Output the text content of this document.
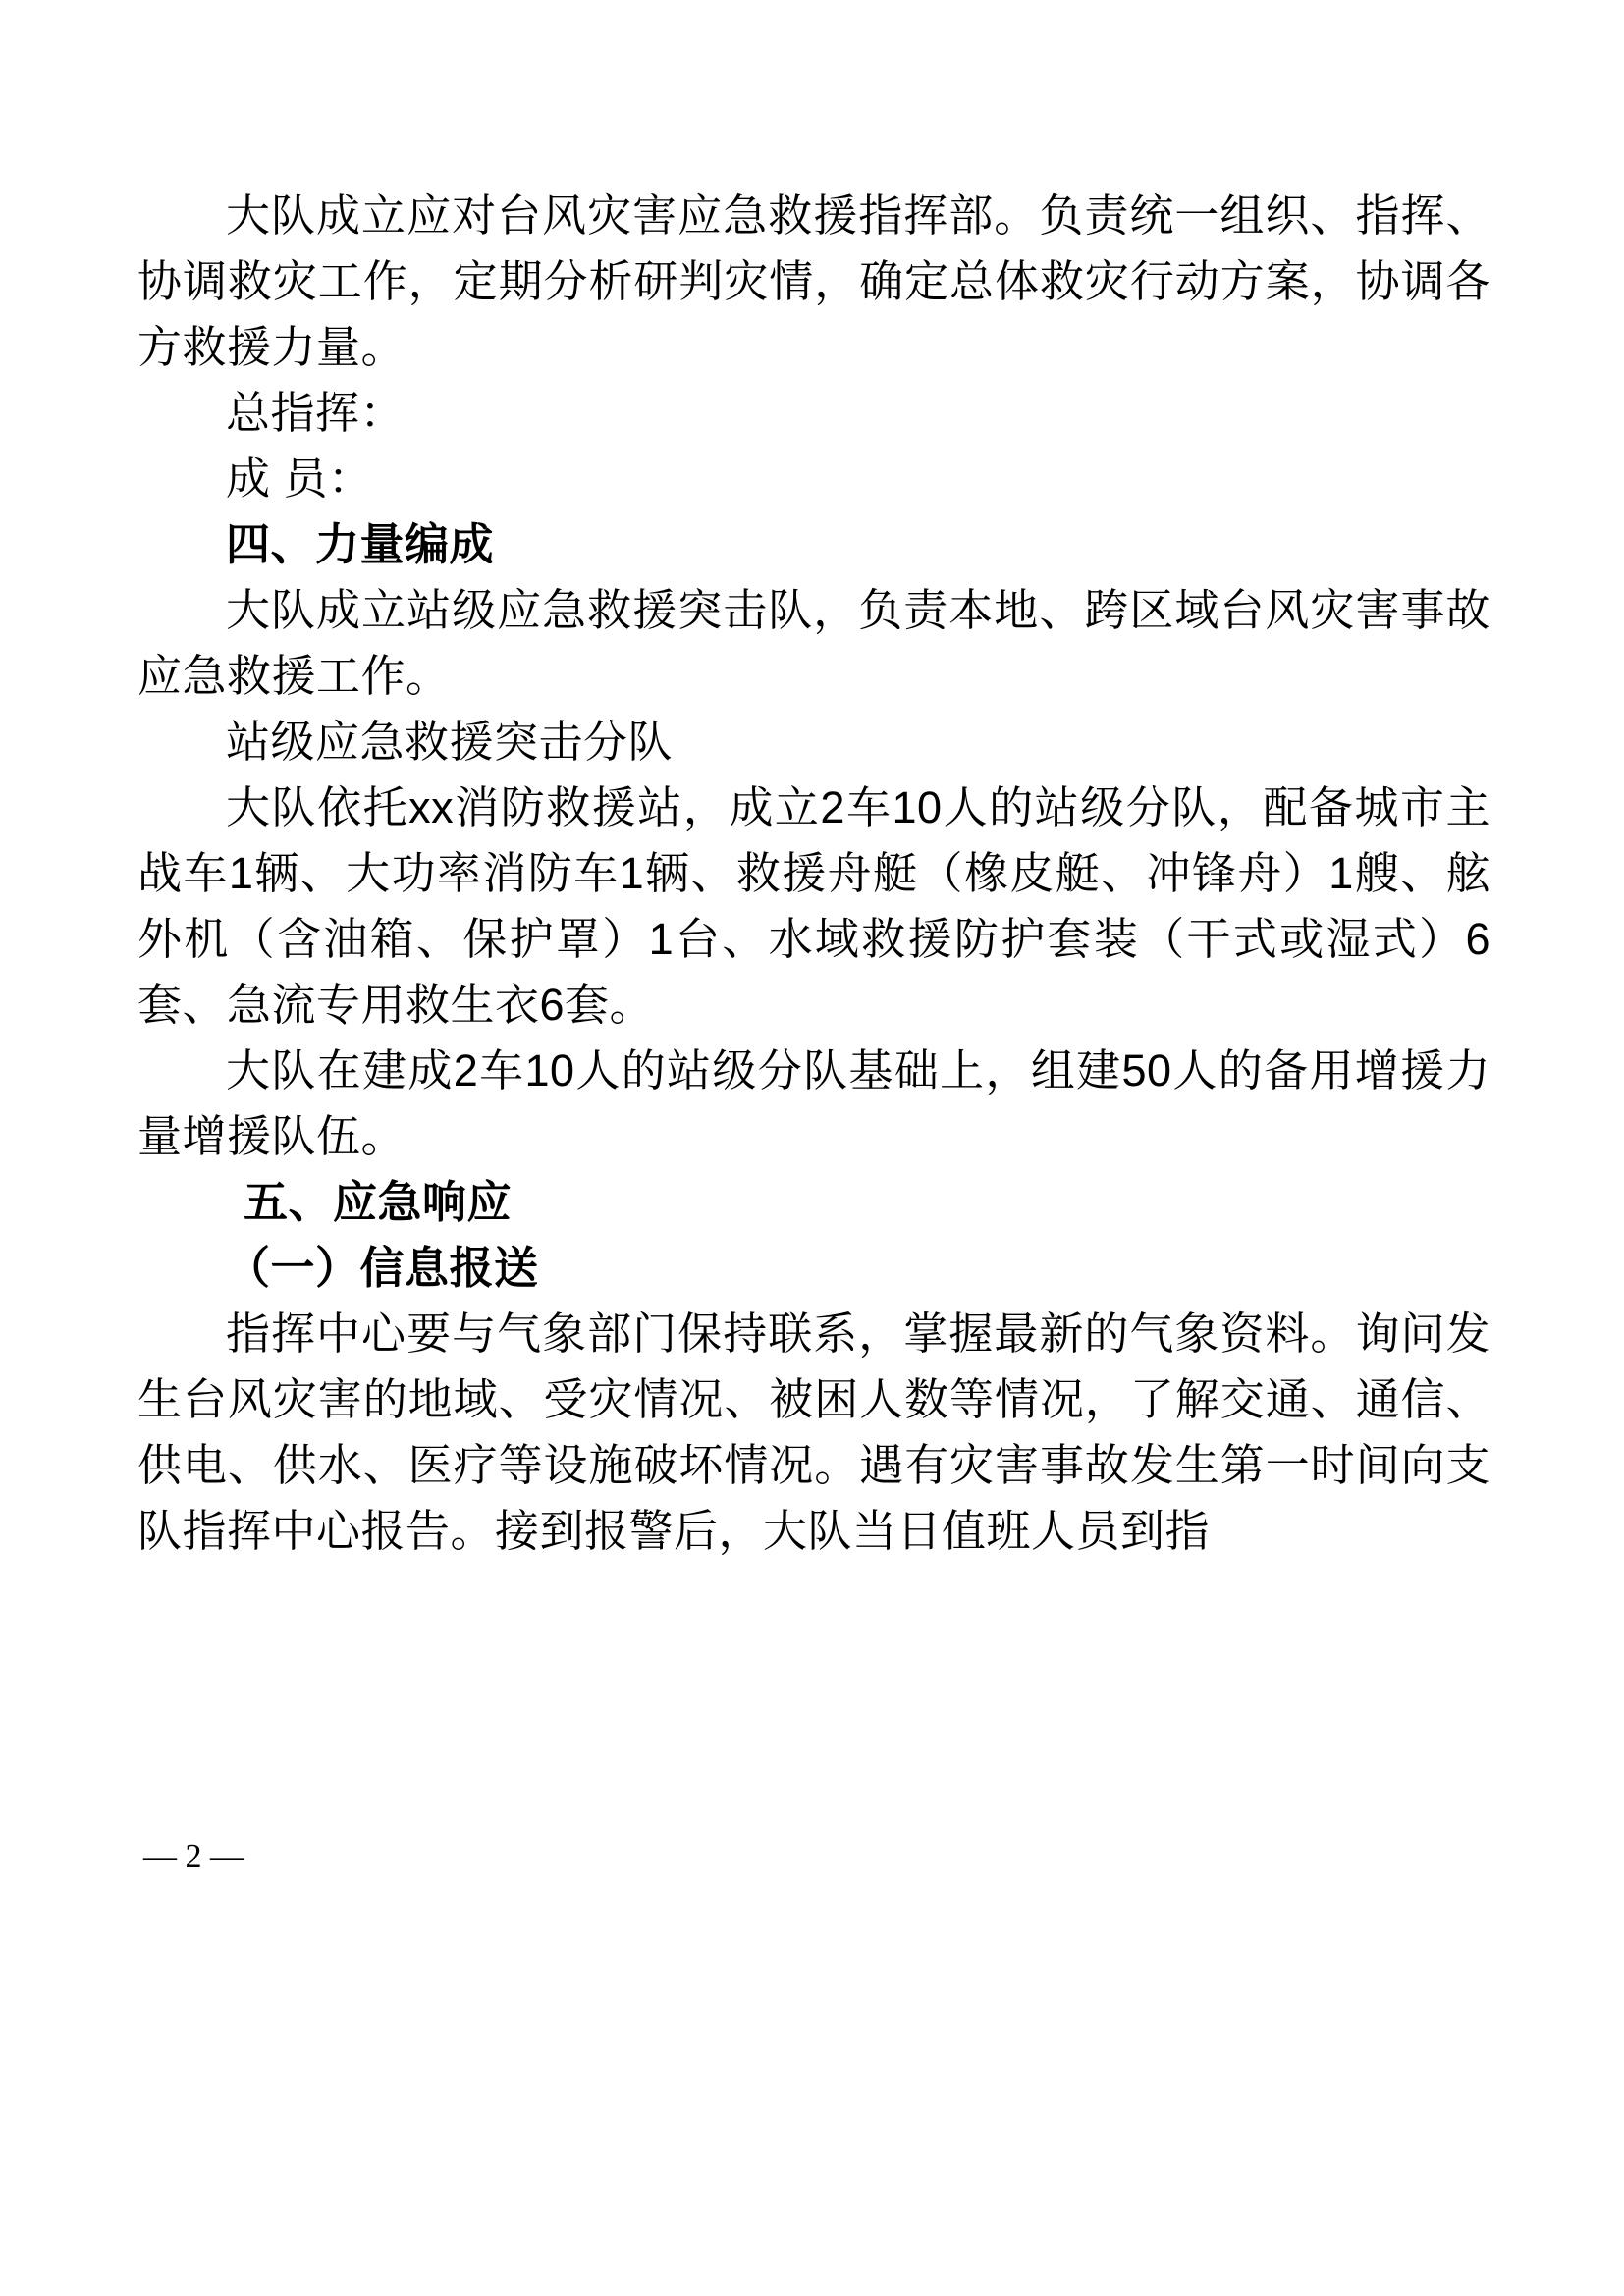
大队成立应对台风灾害应急救援指挥部。负责统一组织、指挥、协调救灾工作，定期分析研判灾情，确定总体救灾行动方案，协调各方救援力量。

总指挥：

成 员：

四、力量编成

大队成立站级应急救援突击队，负责本地、跨区域台风灾害事故应急救援工作。

站级应急救援突击分队

大队依托xx消防救援站，成立2车10人的站级分队，配备城市主战车1辆、大功率消防车1辆、救援舟艇（橡皮艇、冲锋舟）1艘、舷外机（含油箱、保护罩）1台、水域救援防护套装（干式或湿式）6套、急流专用救生衣6套。

大队在建成2车10人的站级分队基础上，组建50人的备用增援力量增援队伍。

五、应急响应

（一）信息报送

指挥中心要与气象部门保持联系，掌握最新的气象资料。询问发生台风灾害的地域、受灾情况、被困人数等情况，了解交通、通信、供电、供水、医疗等设施破坏情况。遇有灾害事故发生第一时间向支队指挥中心报告。接到报警后，大队当日值班人员到指

— 2 —
